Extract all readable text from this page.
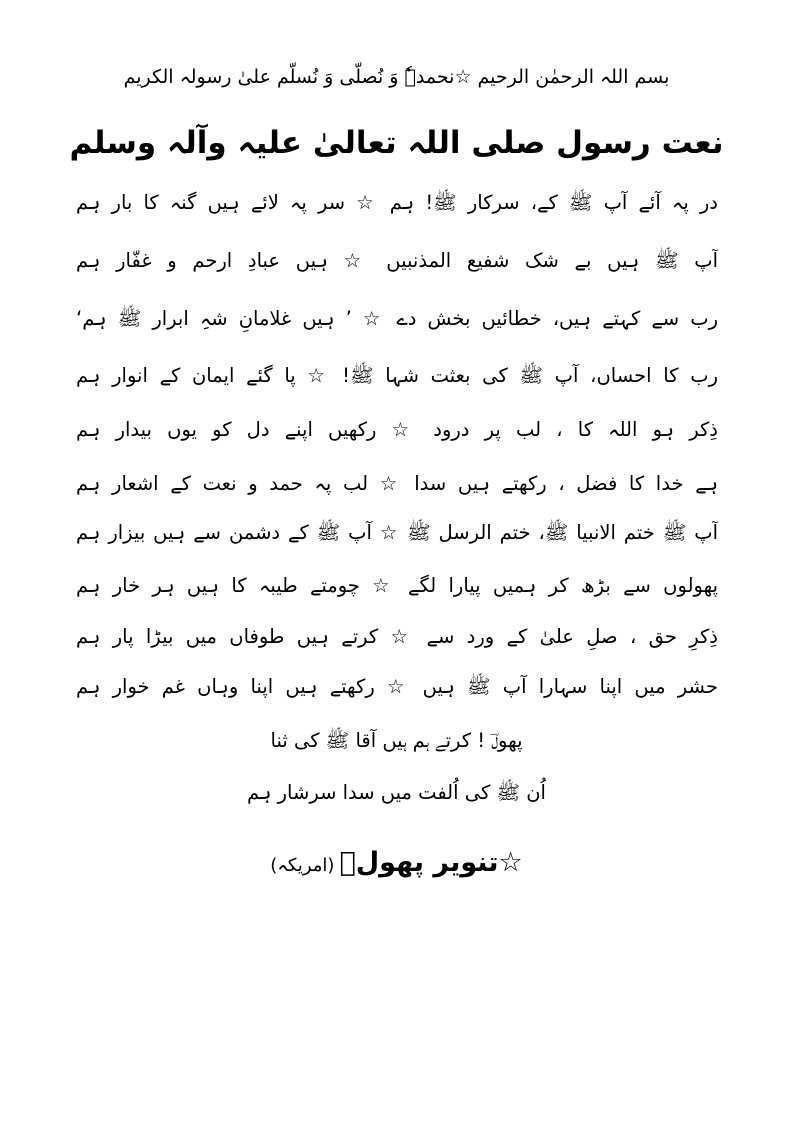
بسم اللہ الرحمٰن الرحیم ☆نحمدہٗ وَ نُصلّی وَ نُسلّم علیٰ رسولہ الکریم
نعت رسول صلی اللہ تعالیٰ علیہ وآلہ وسلم
در پہ آئے آپ ﷺ کے، سرکار ﷺ! ہم ☆ سر پہ لائے ہیں گنہ کا بار ہم
آپ ﷺ ہیں بے شک شفیع المذنبیں ☆ ہیں عبادِ ارحم و غفّار ہم
رب سے کہتے ہیں، خطائیں بخش دے ☆ ’ ہیں غلامانِ شہِ ابرار ﷺ ہم‘
رب کا احساں، آپ ﷺ کی بعثت شہا ﷺ! ☆ پا گئے ایمان کے انوار ہم
ذِکر ہو اللہ کا ، لب پر درود ☆ رکھیں اپنے دل کو یوں بیدار ہم
ہے خدا کا فضل ، رکھتے ہیں سدا ☆ لب پہ حمد و نعت کے اشعار ہم
آپ ﷺ ختم الانبیا ﷺ، ختم الرسل ﷺ ☆ آپ ﷺ کے دشمن سے ہیں بیزار ہم
پھولوں سے بڑھ کر ہمیں پیارا لگے ☆ چومتے طیبہ کا ہیں ہر خار ہم
ذِکرِ حق ، صلِ علیٰ کے ورد سے ☆ کرتے ہیں طوفاں میں بیڑا پار ہم
حشر میں اپنا سہارا آپ ﷺ ہیں ☆ رکھتے ہیں اپنا وہاں غم خوار ہم
پھولؔ ! کرتے ہم ہیں آقا ﷺ کی ثنا
اُن ﷺ کی اُلفت میں سدا سرشار ہم
☆تنویر پھولؔ (امریکہ)
